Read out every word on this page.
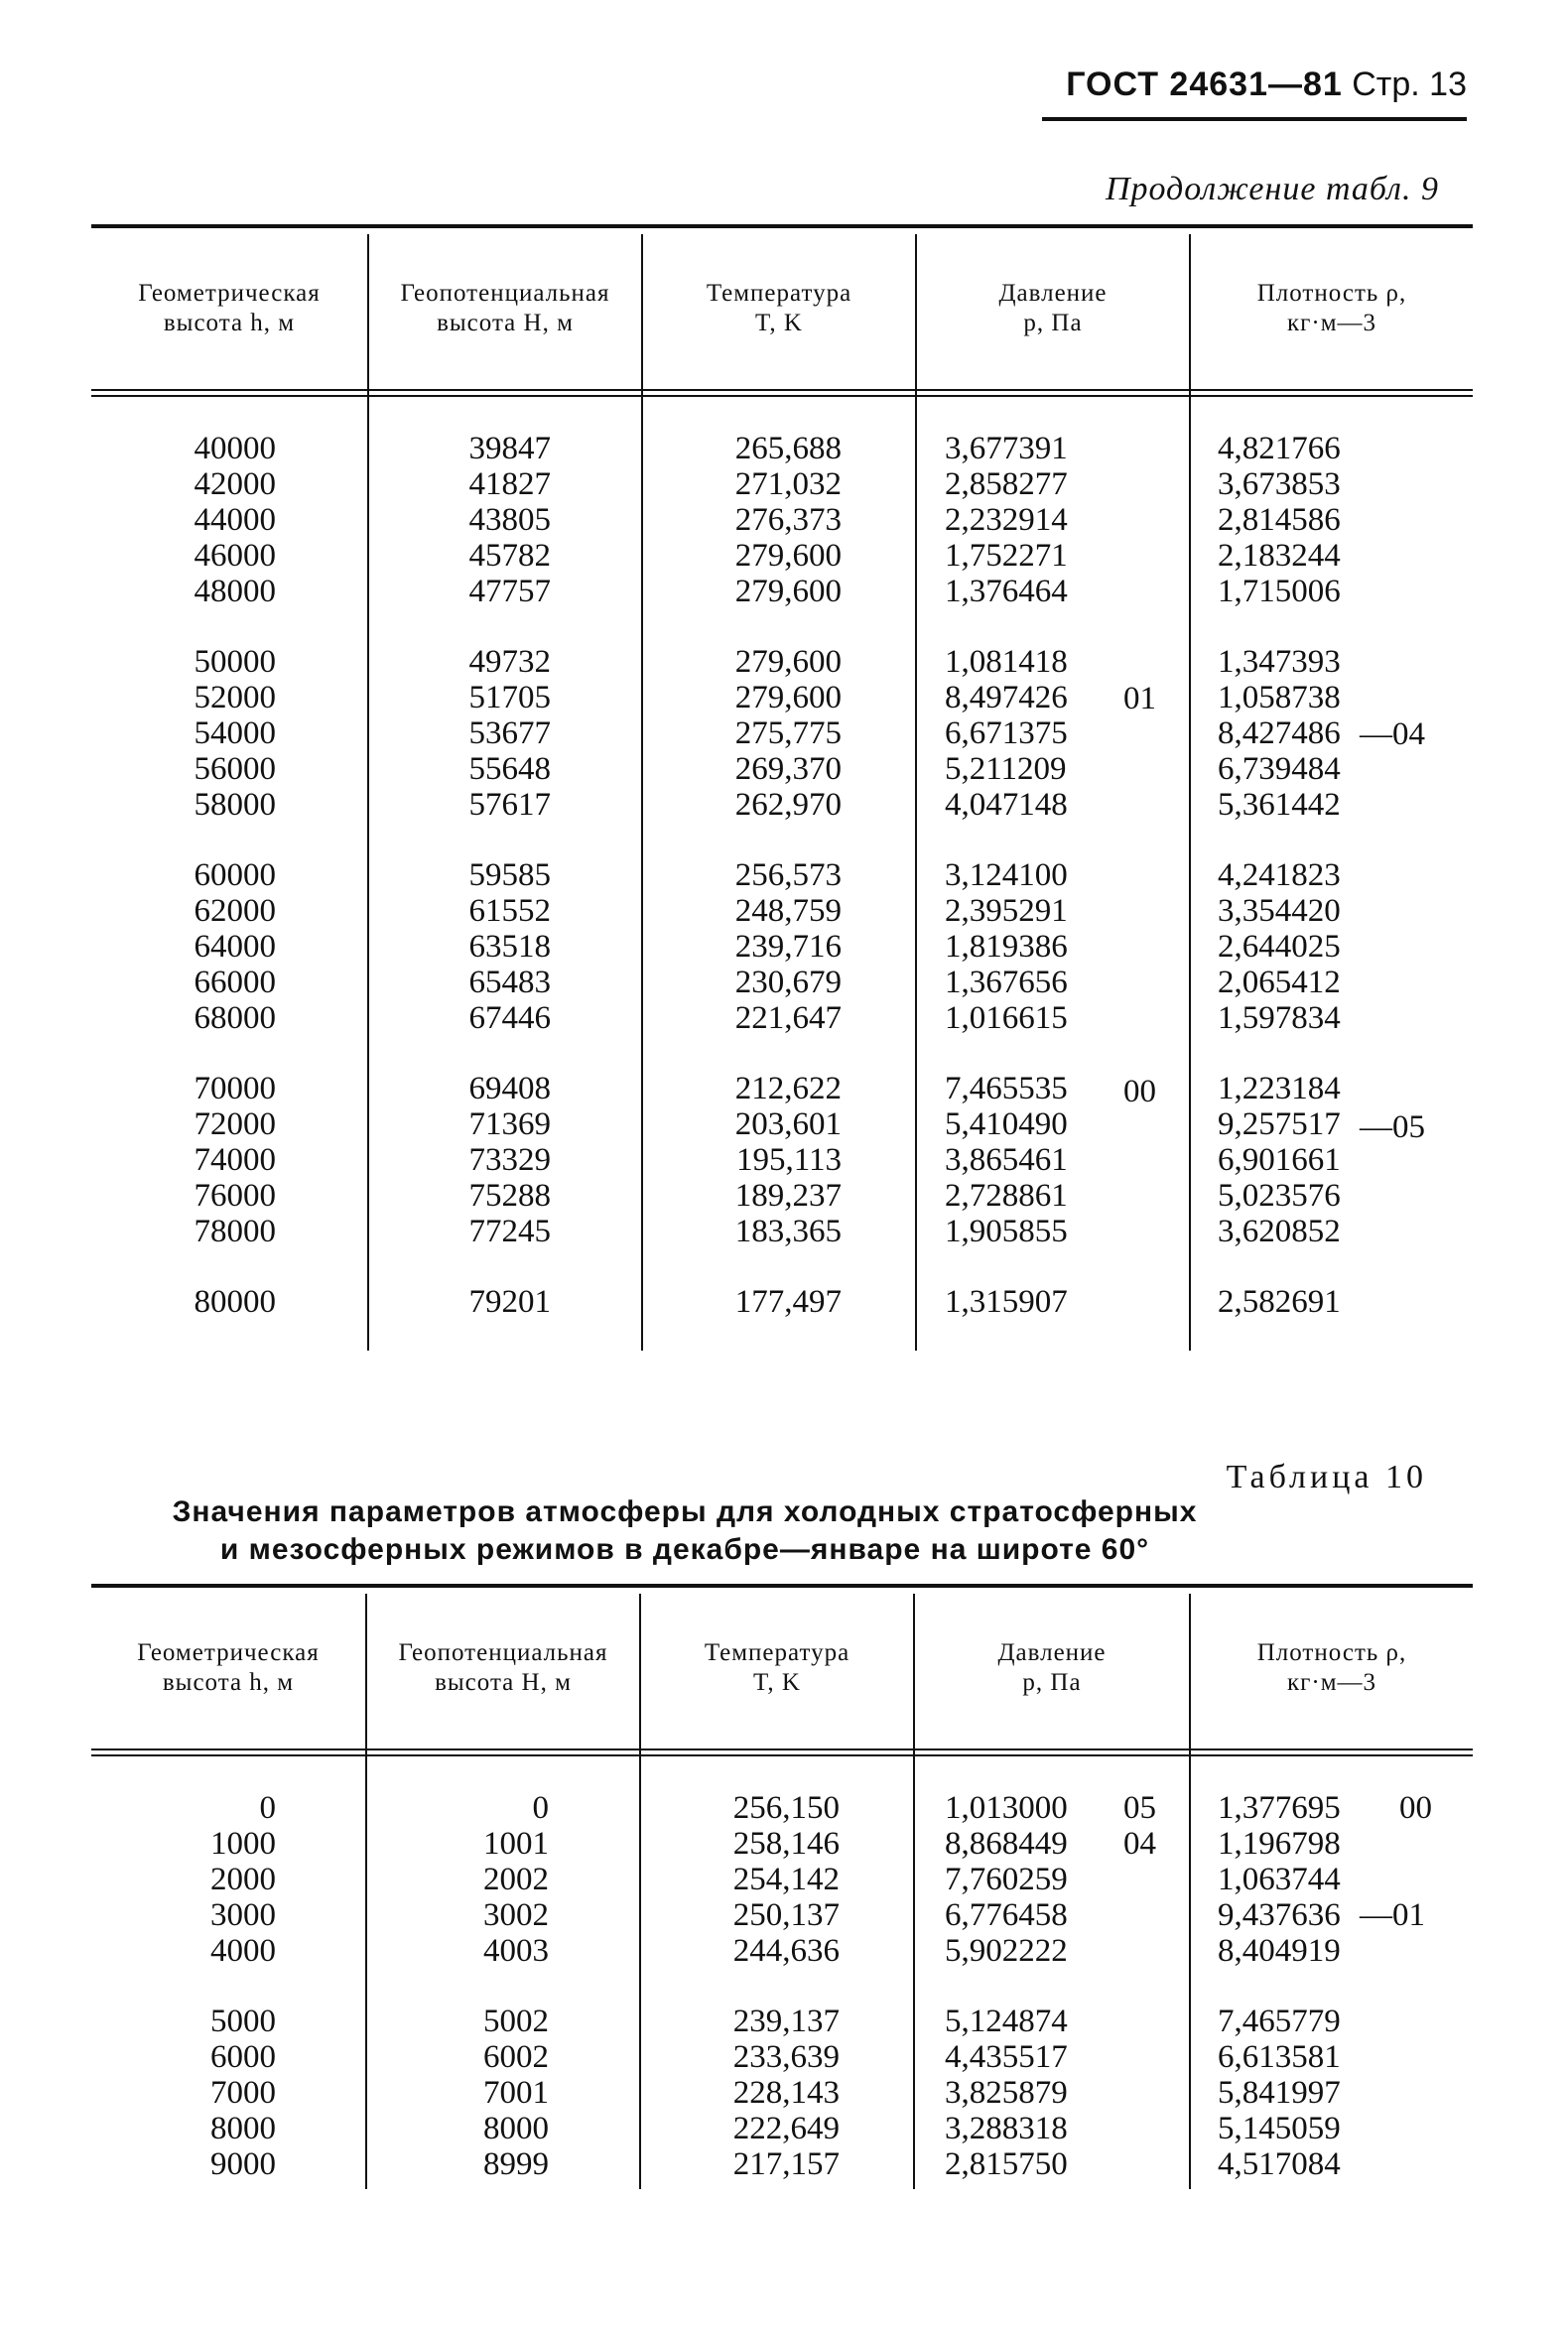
ГОСТ 24631—81 Стр. 13
Продолжение табл. 9
Геометрическая
высота h, м
Геопотенциальная
высота H, м
Температура
T, K
Давление
p, Па
Плотность ρ,
кг·м—3
40000
42000
44000
46000
48000
50000
52000
54000
56000
58000
60000
62000
64000
66000
68000
70000
72000
74000
76000
78000
80000
39847
41827
43805
45782
47757
49732
51705
53677
55648
57617
59585
61552
63518
65483
67446
69408
71369
73329
75288
77245
79201
265,688
271,032
276,373
279,600
279,600
279,600
279,600
275,775
269,370
262,970
256,573
248,759
239,716
230,679
221,647
212,622
203,601
195,113
189,237
183,365
177,497
3,677391
2,858277
2,232914
1,752271
1,376464
1,081418
8,497426
6,671375
5,211209
4,047148
3,124100
2,395291
1,819386
1,367656
1,016615
7,465535
5,410490
3,865461
2,728861
1,905855
1,315907
4,821766
3,673853
2,814586
2,183244
1,715006
1,347393
1,058738
8,427486
6,739484
5,361442
4,241823
3,354420
2,644025
2,065412
1,597834
1,223184
9,257517
6,901661
5,023576
3,620852
2,582691
01
—04
00
—05
Таблица 10
Значения параметров атмосферы для холодных стратосферных
и мезосферных режимов в декабре—январе на широте 60°
Геометрическая
высота h, м
Геопотенциальная
высота H, м
Температура
T, K
Давление
p, Па
Плотность ρ,
кг·м—3
0
1000
2000
3000
4000
5000
6000
7000
8000
9000
0
1001
2002
3002
4003
5002
6002
7001
8000
8999
256,150
258,146
254,142
250,137
244,636
239,137
233,639
228,143
222,649
217,157
1,013000
8,868449
7,760259
6,776458
5,902222
5,124874
4,435517
3,825879
3,288318
2,815750
1,377695
1,196798
1,063744
9,437636
8,404919
7,465779
6,613581
5,841997
5,145059
4,517084
05
04
00
—01
